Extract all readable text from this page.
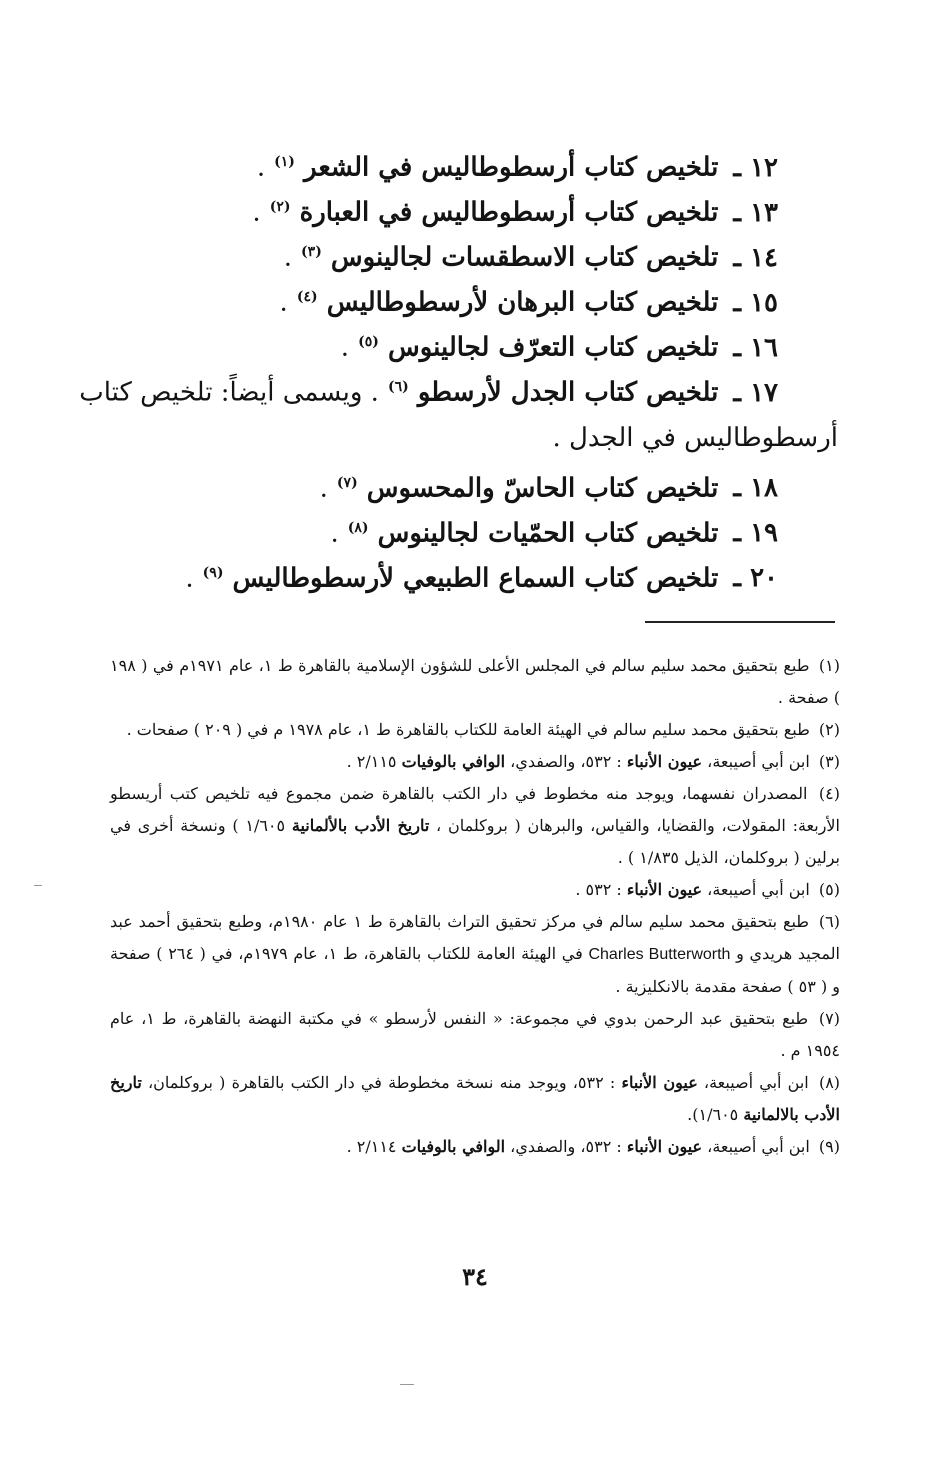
١٢ ـ تلخيص كتاب أرسطوطاليس في الشعر $^{(١)}$ .
١٣ ـ تلخيص كتاب أرسطوطاليس في العبارة $^{(٢)}$ .
١٤ ـ تلخيص كتاب الاسطقسات لجالينوس $^{(٣)}$ .
١٥ ـ تلخيص كتاب البرهان لأرسطوطاليس $^{(٤)}$ .
١٦ ـ تلخيص كتاب التعرّف لجالينوس $^{(٥)}$ .
١٧ ـ تلخيص كتاب الجدل لأرسطو $^{(٦)}$ . ويسمى أيضاً: تلخيص كتاب
أرسطوطاليس في الجدل .
١٨ ـ تلخيص كتاب الحاسّ والمحسوس $^{(٧)}$ .
١٩ ـ تلخيص كتاب الحمّيات لجالينوس $^{(٨)}$ .
٢٠ ـ تلخيص كتاب السماع الطبيعي لأرسطوطاليس $^{(٩)}$ .
(١) طبع بتحقيق محمد سليم سالم في المجلس الأعلى للشؤون الإسلامية بالقاهرة ط ١، عام ١٩٧١م في ( ١٩٨ ) صفحة .
(٢) طبع بتحقيق محمد سليم سالم في الهيئة العامة للكتاب بالقاهرة ط ١، عام ١٩٧٨ م في ( ٢٠٩ ) صفحات .
(٣) ابن أبي أصيبعة، عيون الأنباء : ٥٣٢، والصفدي، الوافي بالوفيات ٢/١١٥ .
(٤) المصدران نفسهما، ويوجد منه مخطوط في دار الكتب بالقاهرة ضمن مجموع فيه تلخيص كتب أريسطو الأربعة: المقولات، والقضايا، والقياس، والبرهان ( بروكلمان ، تاريخ الأدب بالألمانية ١/٦٠٥ ) ونسخة أخرى في برلين ( بروكلمان، الذيل ١/٨٣٥ ) .
(٥) ابن أبي أصيبعة، عيون الأنباء : ٥٣٢ .
(٦) طبع بتحقيق محمد سليم سالم في مركز تحقيق التراث بالقاهرة ط ١ عام ١٩٨٠م، وطبع بتحقيق أحمد عبد المجيد هريدي و Charles Butterworth في الهيئة العامة للكتاب بالقاهرة، ط ١، عام ١٩٧٩م، في ( ٢٦٤ ) صفحة و ( ٥٣ ) صفحة مقدمة بالانكليزية .
(٧) طبع بتحقيق عبد الرحمن بدوي في مجموعة: « النفس لأرسطو » في مكتبة النهضة بالقاهرة، ط ١، عام ١٩٥٤ م .
(٨) ابن أبي أصيبعة، عيون الأنباء : ٥٣٢، ويوجد منه نسخة مخطوطة في دار الكتب بالقاهرة ( بروكلمان، تاريخ الأدب بالالمانية ١/٦٠٥).
(٩) ابن أبي أصيبعة، عيون الأنباء : ٥٣٢، والصفدي، الوافي بالوفيات ٢/١١٤ .
٣٤
